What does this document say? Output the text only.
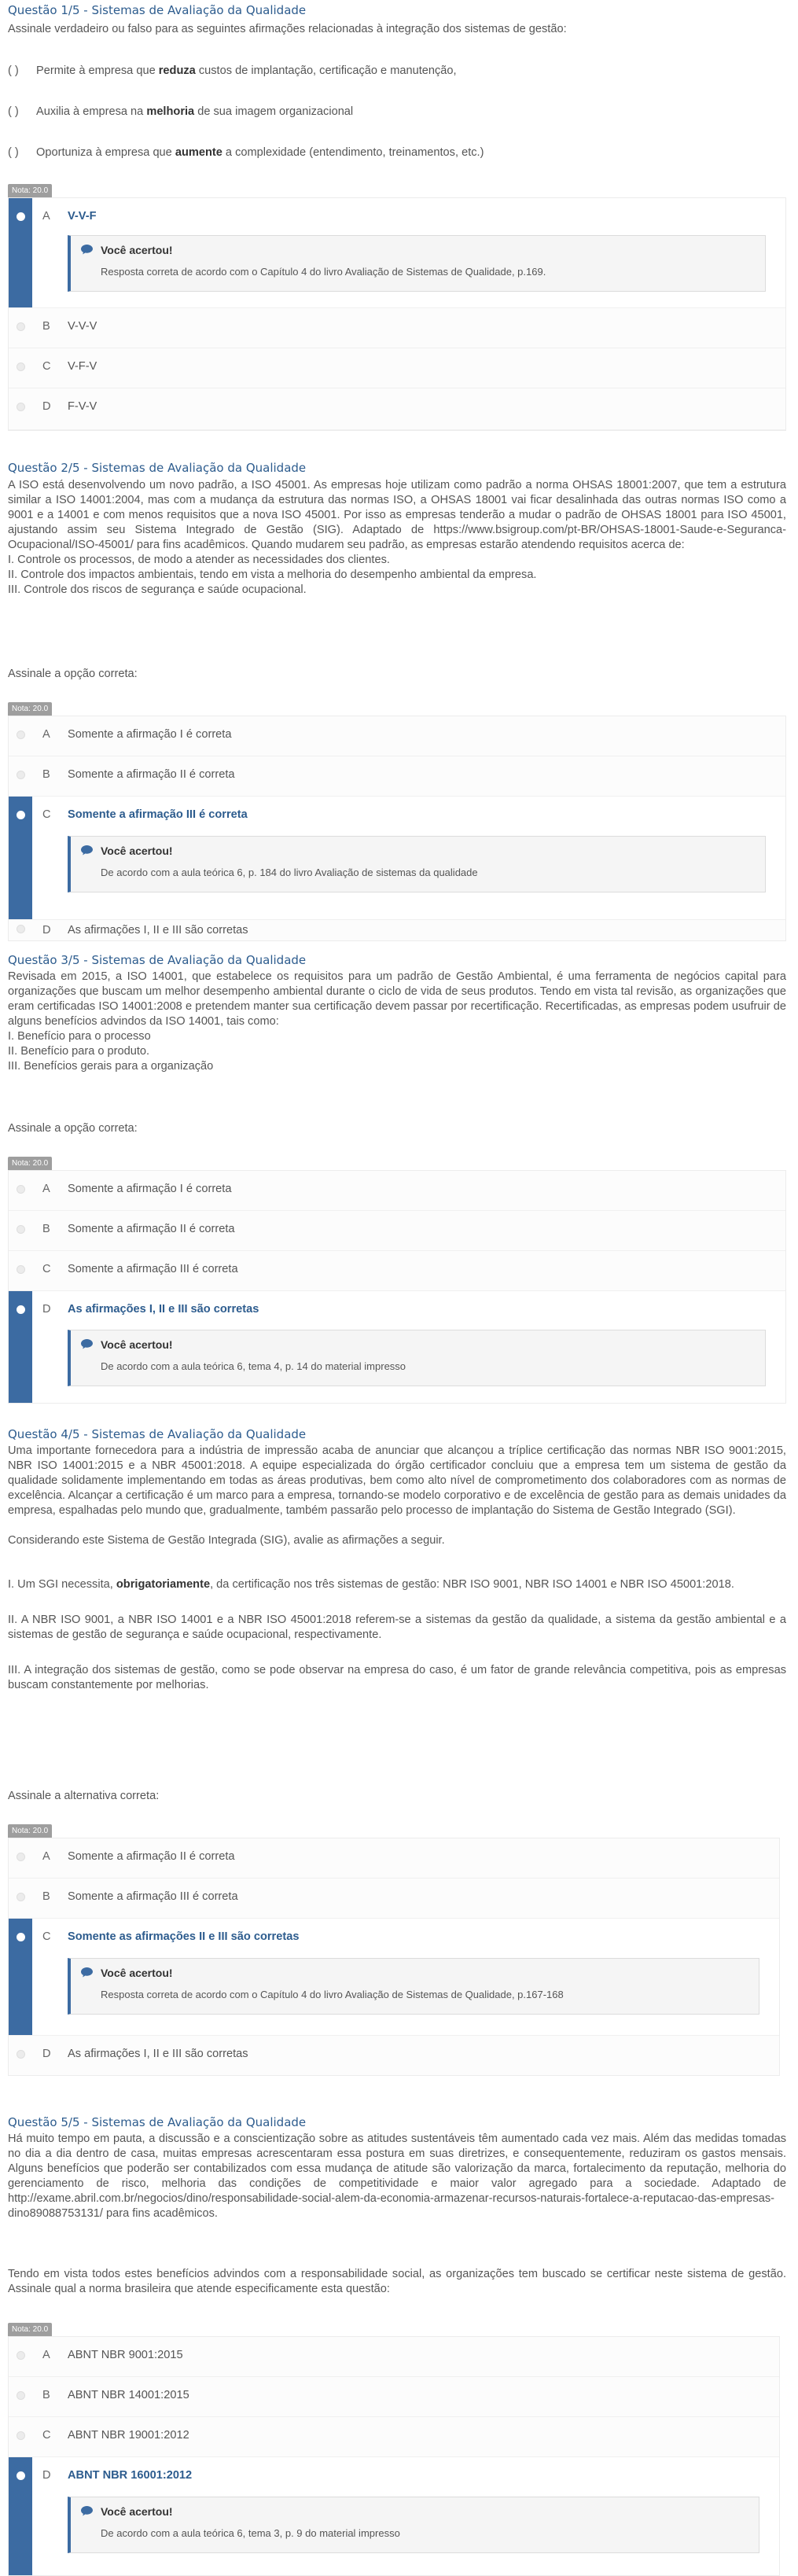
Questão 1/5 - Sistemas de Avaliação da Qualidade

Assinale verdadeiro ou falso para as seguintes afirmações relacionadas à integração dos sistemas de gestão:

( ) Permite à empresa que reduza custos de implantação, certificação e manutenção,

( ) Auxilia à empresa na melhoria de sua imagem organizacional

( ) Oportuniza à empresa que aumente a complexidade (entendimento, treinamentos, etc.)

Nota: 20.0
A V-V-F
Você acertou!
Resposta correta de acordo com o Capítulo 4 do livro Avaliação de Sistemas de Qualidade, p.169.
B V-V-V
C V-F-V
D F-V-V
Questão 2/5 - Sistemas de Avaliação da Qualidade

A ISO está desenvolvendo um novo padrão, a ISO 45001. As empresas hoje utilizam como padrão a norma OHSAS 18001:2007, que tem a estrutura similar a ISO 14001:2004, mas com a mudança da estrutura das normas ISO, a OHSAS 18001 vai ficar desalinhada das outras normas ISO como a 9001 e a 14001 e com menos requisitos que a nova ISO 45001. Por isso as empresas tenderão a mudar o padrão de OHSAS 18001 para ISO 45001, ajustando assim seu Sistema Integrado de Gestão (SIG). Adaptado de https://www.bsigroup.com/pt-BR/OHSAS-18001-Saude-e-Seguranca-Ocupacional/ISO-45001/ para fins acadêmicos. Quando mudarem seu padrão, as empresas estarão atendendo requisitos acerca de:

I. Controle os processos, de modo a atender as necessidades dos clientes.

II. Controle dos impactos ambientais, tendo em vista a melhoria do desempenho ambiental da empresa.

III. Controle dos riscos de segurança e saúde ocupacional.

Assinale a opção correta:

Nota: 20.0
A Somente a afirmação I é correta
B Somente a afirmação II é correta
C Somente a afirmação III é correta
Você acertou!
De acordo com a aula teórica 6, p. 184 do livro Avaliação de sistemas da qualidade
D As afirmações I, II e III são corretas
Questão 3/5 - Sistemas de Avaliação da Qualidade

Revisada em 2015, a ISO 14001, que estabelece os requisitos para um padrão de Gestão Ambiental, é uma ferramenta de negócios capital para organizações que buscam um melhor desempenho ambiental durante o ciclo de vida de seus produtos. Tendo em vista tal revisão, as organizações que eram certificadas ISO 14001:2008 e pretendem manter sua certificação devem passar por recertificação. Recertificadas, as empresas podem usufruir de alguns benefícios advindos da ISO 14001, tais como:

I. Benefício para o processo

II. Benefício para o produto.

III. Benefícios gerais para a organização

Assinale a opção correta:

Nota: 20.0
A Somente a afirmação I é correta
B Somente a afirmação II é correta
C Somente a afirmação III é correta
D As afirmações I, II e III são corretas
Você acertou!
De acordo com a aula teórica 6, tema 4, p. 14 do material impresso
Questão 4/5 - Sistemas de Avaliação da Qualidade

Uma importante fornecedora para a indústria de impressão acaba de anunciar que alcançou a tríplice certificação das normas NBR ISO 9001:2015, NBR ISO 14001:2015 e a NBR 45001:2018. A equipe especializada do órgão certificador concluiu que a empresa tem um sistema de gestão da qualidade solidamente implementando em todas as áreas produtivas, bem como alto nível de comprometimento dos colaboradores com as normas de excelência. Alcançar a certificação é um marco para a empresa, tornando-se modelo corporativo e de excelência de gestão para as demais unidades da empresa, espalhadas pelo mundo que, gradualmente, também passarão pelo processo de implantação do Sistema de Gestão Integrado (SGI).

Considerando este Sistema de Gestão Integrada (SIG), avalie as afirmações a seguir.

I. Um SGI necessita, obrigatoriamente, da certificação nos três sistemas de gestão: NBR ISO 9001, NBR ISO 14001 e NBR ISO 45001:2018.

II. A NBR ISO 9001, a NBR ISO 14001 e a NBR ISO 45001:2018 referem-se a sistemas da gestão da qualidade, a sistema da gestão ambiental e a sistemas de gestão de segurança e saúde ocupacional, respectivamente.

III. A integração dos sistemas de gestão, como se pode observar na empresa do caso, é um fator de grande relevância competitiva, pois as empresas buscam constantemente por melhorias.

Assinale a alternativa correta:

Nota: 20.0
A Somente a afirmação II é correta
B Somente a afirmação III é correta
C Somente as afirmações II e III são corretas
Você acertou!
Resposta correta de acordo com o Capítulo 4 do livro Avaliação de Sistemas de Qualidade, p.167-168
D As afirmações I, II e III são corretas
Questão 5/5 - Sistemas de Avaliação da Qualidade

Há muito tempo em pauta, a discussão e a conscientização sobre as atitudes sustentáveis têm aumentado cada vez mais. Além das medidas tomadas no dia a dia dentro de casa, muitas empresas acrescentaram essa postura em suas diretrizes, e consequentemente, reduziram os gastos mensais. Alguns benefícios que poderão ser contabilizados com essa mudança de atitude são valorização da marca, fortalecimento da reputação, melhoria do gerenciamento de risco, melhoria das condições de competitividade e maior valor agregado para a sociedade. Adaptado de http://exame.abril.com.br/negocios/dino/responsabilidade-social-alem-da-economia-armazenar-recursos-naturais-fortalece-a-reputacao-das-empresas-dino89088753131/ para fins acadêmicos.

Tendo em vista todos estes benefícios advindos com a responsabilidade social, as organizações tem buscado se certificar neste sistema de gestão. Assinale qual a norma brasileira que atende especificamente esta questão:

Nota: 20.0
A ABNT NBR 9001:2015
B ABNT NBR 14001:2015
C ABNT NBR 19001:2012
D ABNT NBR 16001:2012
Você acertou!
De acordo com a aula teórica 6, tema 3, p. 9 do material impresso
